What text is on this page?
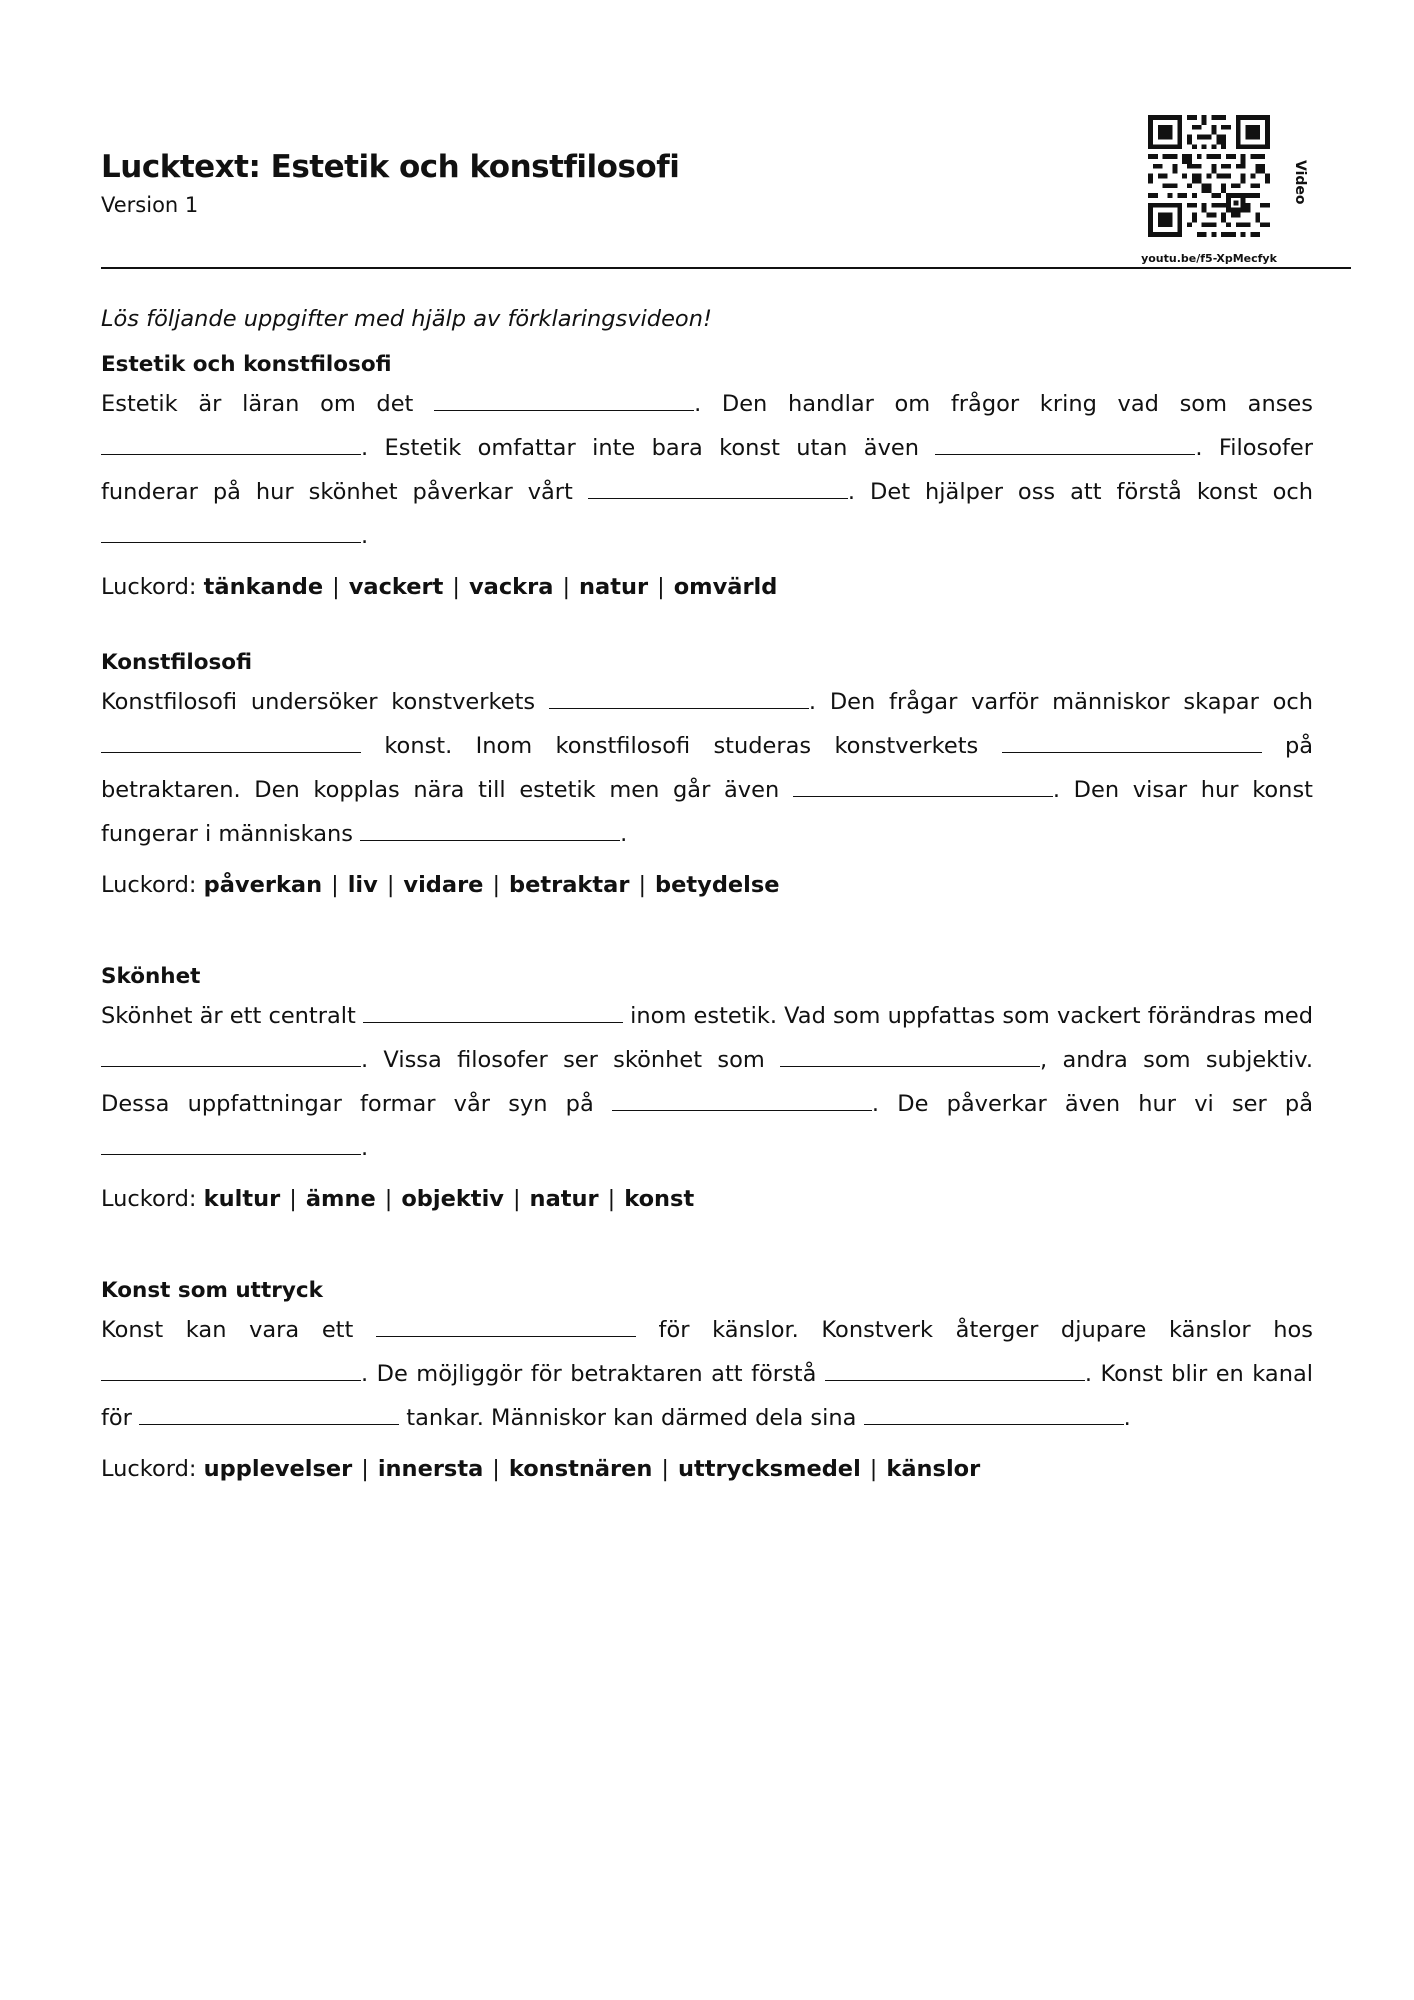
Lucktext: Estetik och konstfilosofi
Version 1
youtu.be/f5-XpMecfyk
Video

Lös följande uppgifter med hjälp av förklaringsvideon!

Estetik och konstfilosofi

Estetik är läran om det	. Den handlar om frågor kring vad som anses . Estetik omfattar inte bara konst utan även	. Filosofer funderar på hur skönhet påverkar vårt	. Det hjälper oss att förstå konst och .

Luckord: tänkande | vackert | vackra | natur | omvärld

Konstfilosofi

Konstfilosofi undersöker konstverkets	. Den frågar varför människor skapar och  konst. Inom konstfilosofi studeras konstverkets	på betraktaren. Den kopplas nära till estetik men går även	. Den visar hur konst fungerar i människans	.

Luckord: påverkan | liv | vidare | betraktar | betydelse

Skönhet

Skönhet är ett centralt	inom estetik. Vad som uppfattas som vackert förändras med . Vissa filosofer ser skönhet som	, andra som subjektiv. Dessa uppfattningar formar vår syn på	. De påverkar även hur vi ser på .

Luckord: kultur | ämne | objektiv | natur | konst

Konst som uttryck

Konst kan vara ett	för känslor. Konstverk återger djupare känslor hos . De möjliggör för betraktaren att förstå	. Konst blir en kanal för	tankar. Människor kan därmed dela sina	.

Luckord: upplevelser | innersta | konstnären | uttrycksmedel | känslor
